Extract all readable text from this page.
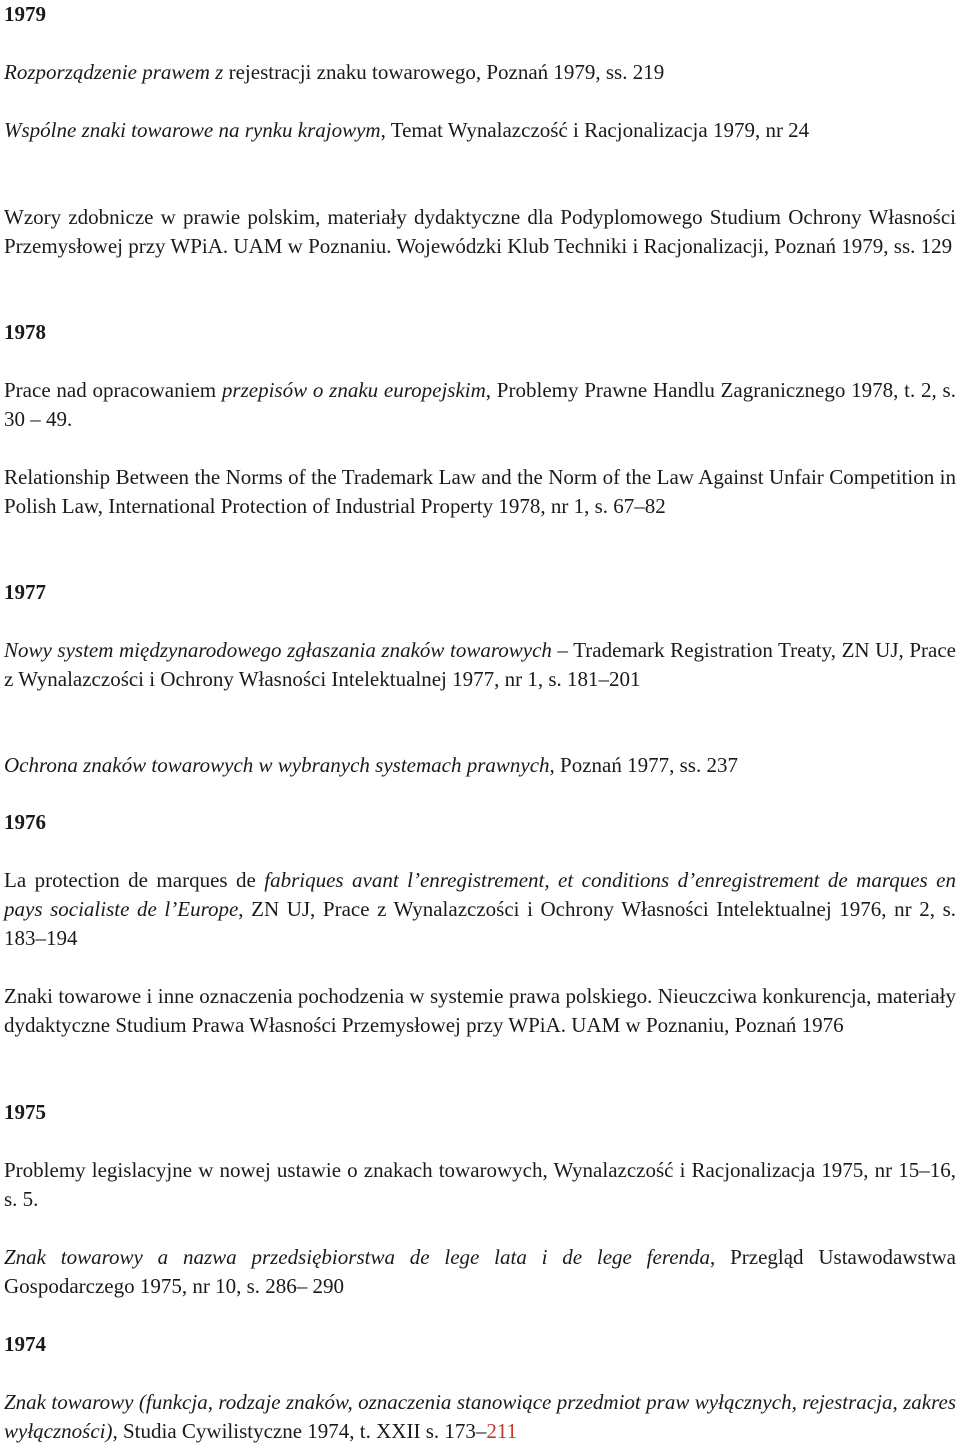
1979

Rozporządzenie prawem z rejestracji znaku towarowego, Poznań 1979, ss. 219

Wspólne znaki towarowe na rynku krajowym, Temat Wynalazczość i Racjonalizacja 1979, nr 24

Wzory zdobnicze w prawie polskim, materiały dydaktyczne dla Podyplomowego Studium Ochrony Własności Przemysłowej przy WPiA. UAM w Poznaniu. Wojewódzki Klub Techniki i Racjonalizacji, Poznań 1979, ss. 129

1978

Prace nad opracowaniem przepisów o znaku europejskim, Problemy Prawne Handlu Zagranicznego 1978, t. 2, s. 30 – 49.

Relationship Between the Norms of the Trademark Law and the Norm of the Law Against Unfair Competition in Polish Law, International Protection of Industrial Property 1978, nr 1, s. 67–82

1977

Nowy system międzynarodowego zgłaszania znaków towarowych – Trademark Registration Treaty, ZN UJ, Prace z Wynalazczości i Ochrony Własności Intelektualnej 1977, nr 1, s. 181–201

Ochrona znaków towarowych w wybranych systemach prawnych, Poznań 1977, ss. 237

1976

La protection de marques de fabriques avant l’enregistrement, et conditions d’enregistrement de marques en pays socialiste de l’Europe, ZN UJ, Prace z Wynalazczości i Ochrony Własności Intelektualnej 1976, nr 2, s. 183–194

Znaki towarowe i inne oznaczenia pochodzenia w systemie prawa polskiego. Nieuczciwa konkurencja, materiały dydaktyczne Studium Prawa Własności Przemysłowej przy WPiA. UAM w Poznaniu, Poznań 1976

1975

Problemy legislacyjne w nowej ustawie o znakach towarowych, Wynalazczość i Racjonalizacja 1975, nr 15–16, s. 5.

Znak towarowy a nazwa przedsiębiorstwa de lege lata i de lege ferenda, Przegląd Ustawodawstwa Gospodarczego 1975, nr 10, s. 286– 290

1974

Znak towarowy (funkcja, rodzaje znaków, oznaczenia stanowiące przedmiot praw wyłącznych, rejestracja, zakres wyłączności), Studia Cywilistyczne 1974, t. XXII s. 173–211
